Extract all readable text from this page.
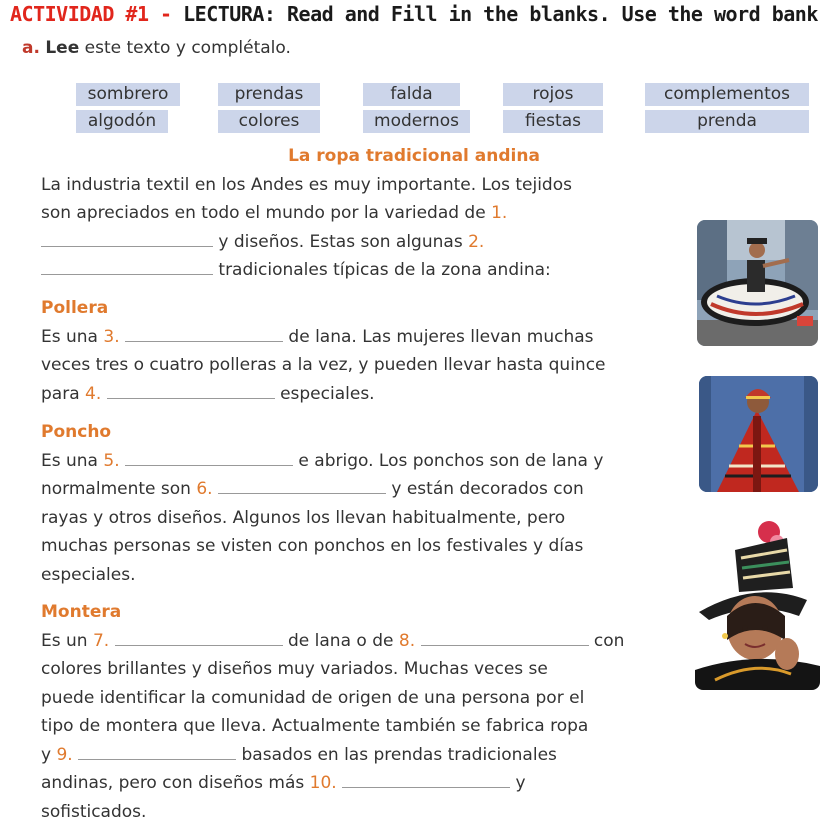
ACTIVIDAD #1 - LECTURA: Read and Fill in the blanks. Use the word bank
a. Lee este texto y complétalo.
sombrero	prendas	falda	rojos	complementos
algodón	colores	modernos	fiestas	prenda
La ropa tradicional andina
La industria textil en los Andes es muy importante. Los tejidos
son apreciados en todo el mundo por la variedad de 1.
y diseños. Estas son algunas 2.
tradicionales típicas de la zona andina:
Pollera
Es una 3.	de lana. Las mujeres llevan muchas
veces tres o cuatro polleras a la vez, y pueden llevar hasta quince
para 4.	especiales.
Poncho
Es una 5.	e abrigo. Los ponchos son de lana y
normalmente son 6.	y están decorados con
rayas y otros diseños. Algunos los llevan habitualmente, pero
muchas personas se visten con ponchos en los festivales y días
especiales.
Montera
Es un 7.	de lana o de 8.	con
colores brillantes y diseños muy variados. Muchas veces se
puede identificar la comunidad de origen de una persona por el
tipo de montera que lleva. Actualmente también se fabrica ropa
y 9.	basados en las prendas tradicionales
andinas, pero con diseños más 10.	y
sofisticados.
